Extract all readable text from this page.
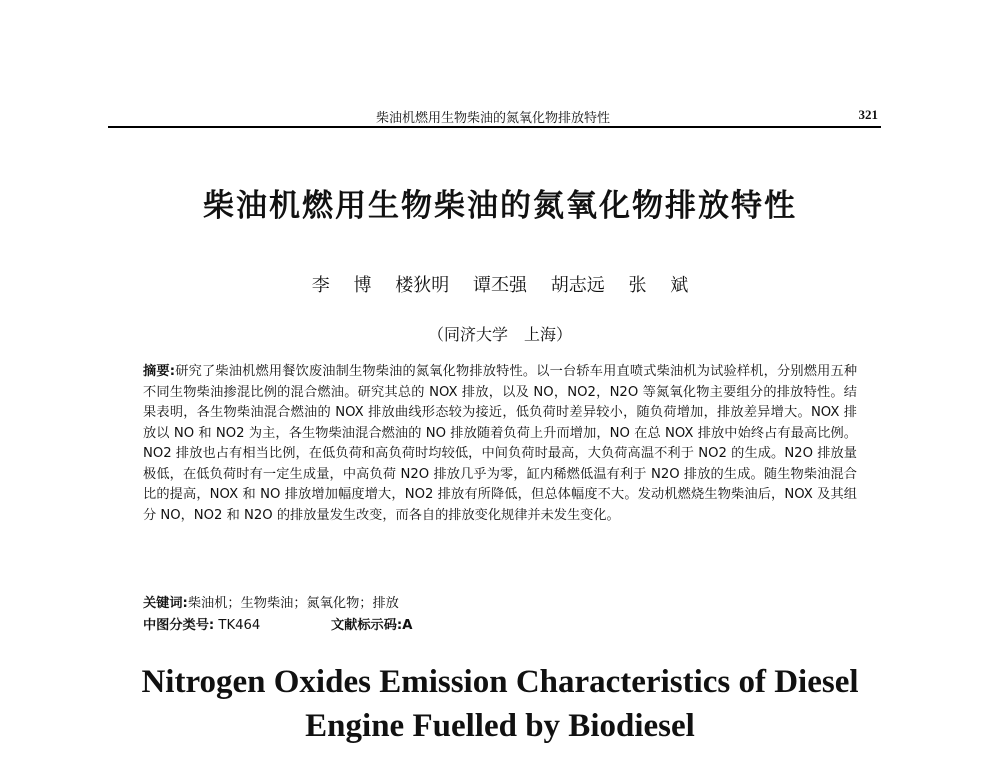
柴油机燃用生物柴油的氮氧化物排放特性	321
柴油机燃用生物柴油的氮氧化物排放特性
李 博 楼狄明 谭丕强 胡志远 张 斌
（同济大学　上海）
摘要:研究了柴油机燃用餐饮废油制生物柴油的氮氧化物排放特性。以一台轿车用直喷式柴油机为试验样机，分别燃用五种不同生物柴油掺混比例的混合燃油。研究其总的 NOX 排放，以及 NO，NO2，N2O 等氮氧化物主要组分的排放特性。结果表明，各生物柴油混合燃油的 NOX 排放曲线形态较为接近，低负荷时差异较小，随负荷增加，排放差异增大。NOX 排放以 NO 和 NO2 为主，各生物柴油混合燃油的 NO 排放随着负荷上升而增加，NO 在总 NOX 排放中始终占有最高比例。NO2 排放也占有相当比例，在低负荷和高负荷时均较低，中间负荷时最高，大负荷高温不利于 NO2 的生成。N2O 排放量极低，在低负荷时有一定生成量，中高负荷 N2O 排放几乎为零，缸内稀燃低温有利于 N2O 排放的生成。随生物柴油混合比的提高，NOX 和 NO 排放增加幅度增大，NO2 排放有所降低，但总体幅度不大。发动机燃烧生物柴油后，NOX 及其组分 NO，NO2 和 N2O 的排放量发生改变，而各自的排放变化规律并未发生变化。
关键词:柴油机；生物柴油；氮氧化物；排放
中图分类号: TK464	文献标示码:A
Nitrogen Oxides Emission Characteristics of Diesel
Engine Fuelled by Biodiesel
